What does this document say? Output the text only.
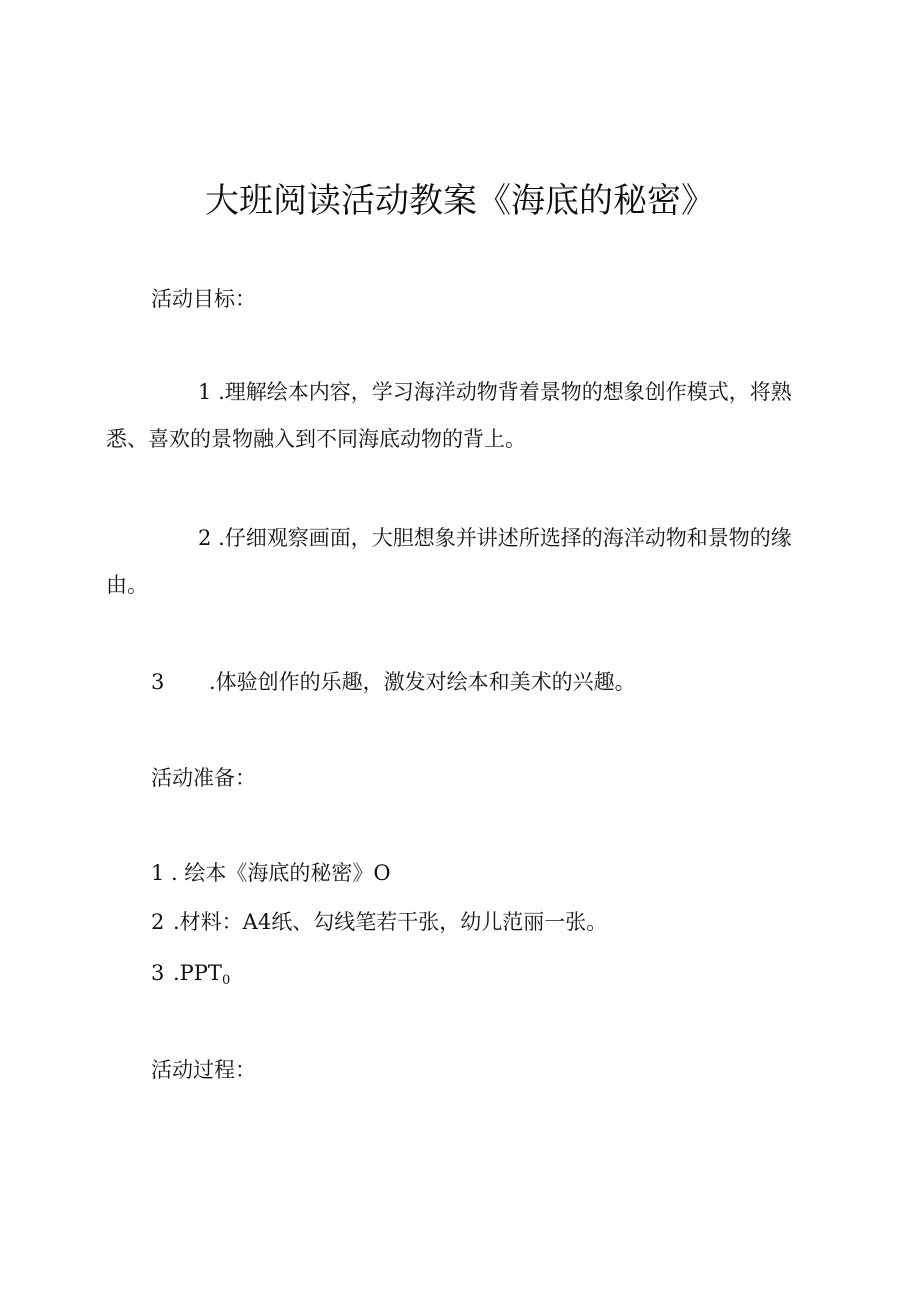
大班阅读活动教案《海底的秘密》
活动目标：
1 .理解绘本内容，学习海洋动物背着景物的想象创作模式，将熟悉、喜欢的景物融入到不同海底动物的背上。
2 .仔细观察画面，大胆想象并讲述所选择的海洋动物和景物的缘由。
3 .体验创作的乐趣，激发对绘本和美术的兴趣。
活动准备：
1 . 绘本《海底的秘密》O
2 .材料：A4纸、勾线笔若干张，幼儿范丽一张。
3 $.PPT_0$
活动过程：
